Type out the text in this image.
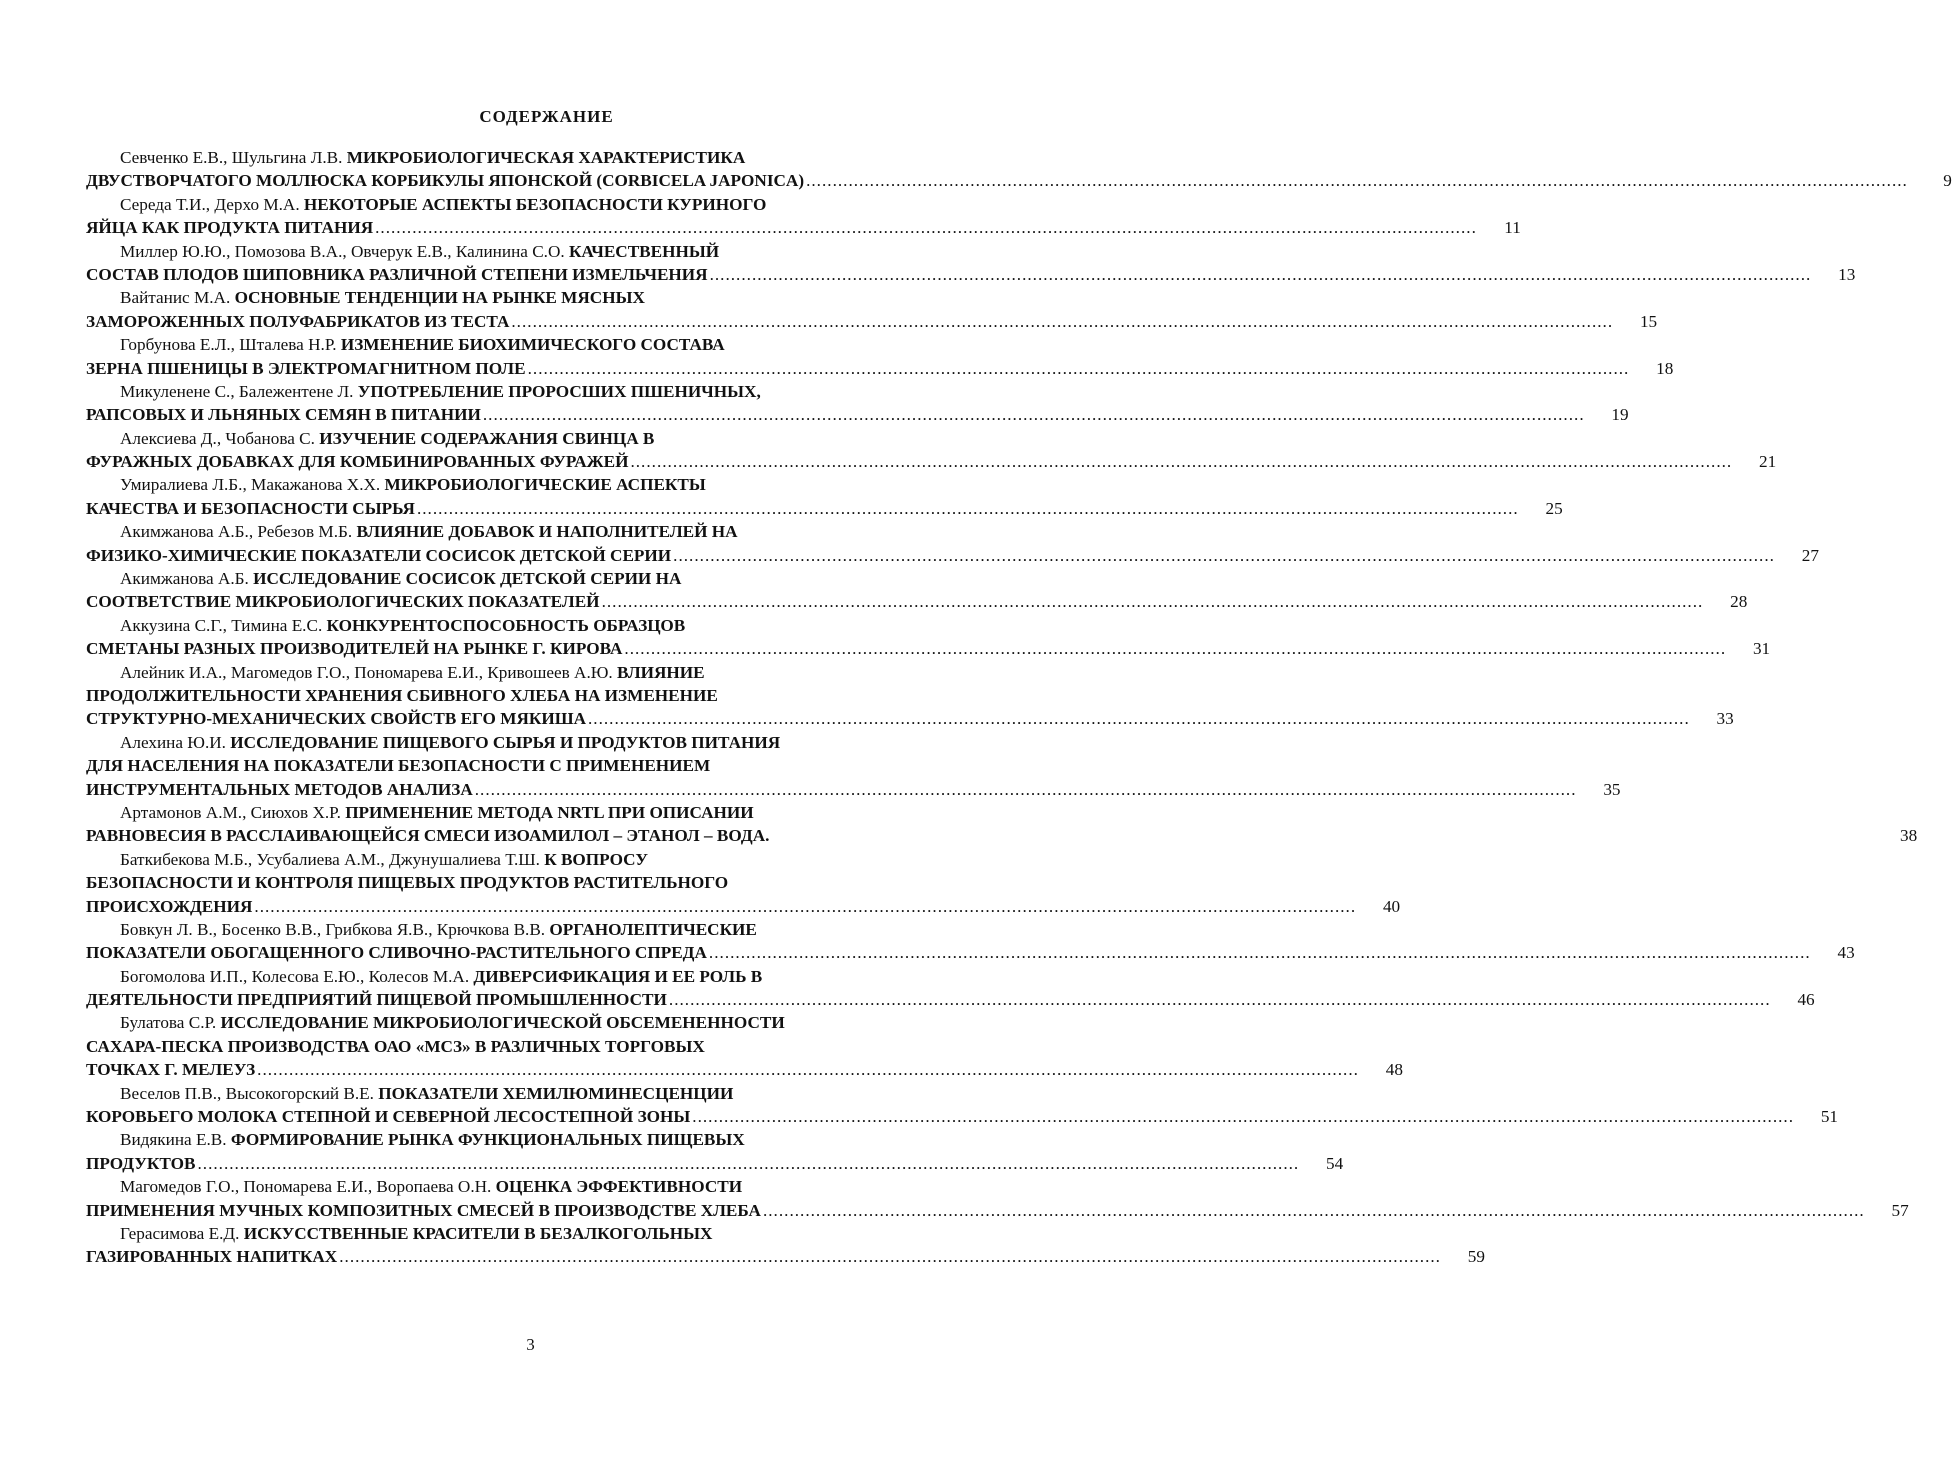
СОДЕРЖАНИЕ
Севченко Е.В., Шульгина Л.В. МИКРОБИОЛОГИЧЕСКАЯ ХАРАКТЕРИСТИКА
ДВУСТВОРЧАТОГО МОЛЛЮСКА КОРБИКУЛЫ ЯПОНСКОЙ (CORBICELA JAPONICA) .....	9
Середа Т.И., Дерхо М.А. НЕКОТОРЫЕ АСПЕКТЫ БЕЗОПАСНОСТИ КУРИНОГО
ЯЙЦА КАК ПРОДУКТА ПИТАНИЯ .....	11
Миллер Ю.Ю., Помозова В.А., Овчерук Е.В., Калинина С.О. КАЧЕСТВЕННЫЙ
СОСТАВ ПЛОДОВ ШИПОВНИКА РАЗЛИЧНОЙ СТЕПЕНИ ИЗМЕЛЬЧЕНИЯ .....	13
Вайтанис М.А. ОСНОВНЫЕ ТЕНДЕНЦИИ НА РЫНКЕ МЯСНЫХ
ЗАМОРОЖЕННЫХ ПОЛУФАБРИКАТОВ ИЗ ТЕСТА .....	15
Горбунова Е.Л., Шталева Н.Р. ИЗМЕНЕНИЕ БИОХИМИЧЕСКОГО СОСТАВА
ЗЕРНА ПШЕНИЦЫ В ЭЛЕКТРОМАГНИТНОМ ПОЛЕ .....	18
Микуленене С., Балежентене Л. УПОТРЕБЛЕНИЕ ПРОРОСШИХ ПШЕНИЧНЫХ,
РАПСОВЫХ И ЛЬНЯНЫХ СЕМЯН В ПИТАНИИ .....	19
Алексиева Д., Чобанова С. ИЗУЧЕНИЕ СОДЕРАЖАНИЯ СВИНЦА В
ФУРАЖНЫХ ДОБАВКАХ ДЛЯ КОМБИНИРОВАННЫХ ФУРАЖЕЙ .....	21
Умиралиева Л.Б., Макажанова Х.Х. МИКРОБИОЛОГИЧЕСКИЕ АСПЕКТЫ
КАЧЕСТВА И БЕЗОПАСНОСТИ СЫРЬЯ .....	25
Акимжанова А.Б., Ребезов М.Б. ВЛИЯНИЕ ДОБАВОК И НАПОЛНИТЕЛЕЙ НА
ФИЗИКО-ХИМИЧЕСКИЕ ПОКАЗАТЕЛИ СОСИСОК ДЕТСКОЙ СЕРИИ .....	27
Акимжанова А.Б. ИССЛЕДОВАНИЕ СОСИСОК ДЕТСКОЙ СЕРИИ НА
СООТВЕТСТВИЕ МИКРОБИОЛОГИЧЕСКИХ ПОКАЗАТЕЛЕЙ .....	28
Аккузина С.Г., Тимина Е.С. КОНКУРЕНТОСПОСОБНОСТЬ ОБРАЗЦОВ
СМЕТАНЫ РАЗНЫХ ПРОИЗВОДИТЕЛЕЙ НА РЫНКЕ Г. КИРОВА .....	31
Алейник И.А., Магомедов Г.О., Пономарева Е.И., Кривошеев А.Ю. ВЛИЯНИЕ
ПРОДОЛЖИТЕЛЬНОСТИ ХРАНЕНИЯ СБИВНОГО ХЛЕБА НА ИЗМЕНЕНИЕ
СТРУКТУРНО-МЕХАНИЧЕСКИХ СВОЙСТВ ЕГО МЯКИША .....	33
Алехина Ю.И. ИССЛЕДОВАНИЕ ПИЩЕВОГО СЫРЬЯ И ПРОДУКТОВ ПИТАНИЯ
ДЛЯ НАСЕЛЕНИЯ НА ПОКАЗАТЕЛИ БЕЗОПАСНОСТИ С ПРИМЕНЕНИЕМ
ИНСТРУМЕНТАЛЬНЫХ МЕТОДОВ АНАЛИЗА .....	35
Артамонов А.М., Сиюхов Х.Р. ПРИМЕНЕНИЕ МЕТОДА NRTL ПРИ ОПИСАНИИ
РАВНОВЕСИЯ В РАССЛАИВАЮЩЕЙСЯ СМЕСИ ИЗОАМИЛОЛ – ЭТАНОЛ – ВОДА.	38
Баткибекова М.Б., Усубалиева А.М., Джунушалиева Т.Ш. К ВОПРОСУ
БЕЗОПАСНОСТИ И КОНТРОЛЯ ПИЩЕВЫХ ПРОДУКТОВ РАСТИТЕЛЬНОГО
ПРОИСХОЖДЕНИЯ .....	40
Бовкун Л. В., Босенко В.В., Грибкова Я.В., Крючкова В.В. ОРГАНОЛЕПТИЧЕСКИЕ
ПОКАЗАТЕЛИ ОБОГАЩЕННОГО СЛИВОЧНО-РАСТИТЕЛЬНОГО СПРЕДА .....	43
Богомолова И.П., Колесова Е.Ю., Колесов М.А. ДИВЕРСИФИКАЦИЯ И ЕЕ РОЛЬ В
ДЕЯТЕЛЬНОСТИ ПРЕДПРИЯТИЙ ПИЩЕВОЙ ПРОМЫШЛЕННОСТИ .....	46
Булатова С.Р. ИССЛЕДОВАНИЕ МИКРОБИОЛОГИЧЕСКОЙ ОБСЕМЕНЕННОСТИ
САХАРА-ПЕСКА ПРОИЗВОДСТВА ОАО «МСЗ» В РАЗЛИЧНЫХ ТОРГОВЫХ
ТОЧКАХ Г. МЕЛЕУЗ .....	48
Веселов П.В., Высокогорский В.Е. ПОКАЗАТЕЛИ ХЕМИЛЮМИНЕСЦЕНЦИИ
КОРОВЬЕГО МОЛОКА СТЕПНОЙ И СЕВЕРНОЙ ЛЕСОСТЕПНОЙ ЗОНЫ .....	51
Видякина Е.В. ФОРМИРОВАНИЕ РЫНКА ФУНКЦИОНАЛЬНЫХ ПИЩЕВЫХ
ПРОДУКТОВ .....	54
Магомедов Г.О., Пономарева Е.И., Воропаева О.Н. ОЦЕНКА ЭФФЕКТИВНОСТИ
ПРИМЕНЕНИЯ МУЧНЫХ КОМПОЗИТНЫХ СМЕСЕЙ В ПРОИЗВОДСТВЕ ХЛЕБА .....	57
Герасимова Е.Д. ИСКУССТВЕННЫЕ КРАСИТЕЛИ В БЕЗАЛКОГОЛЬНЫХ
ГАЗИРОВАННЫХ НАПИТКАХ .....	59
3
